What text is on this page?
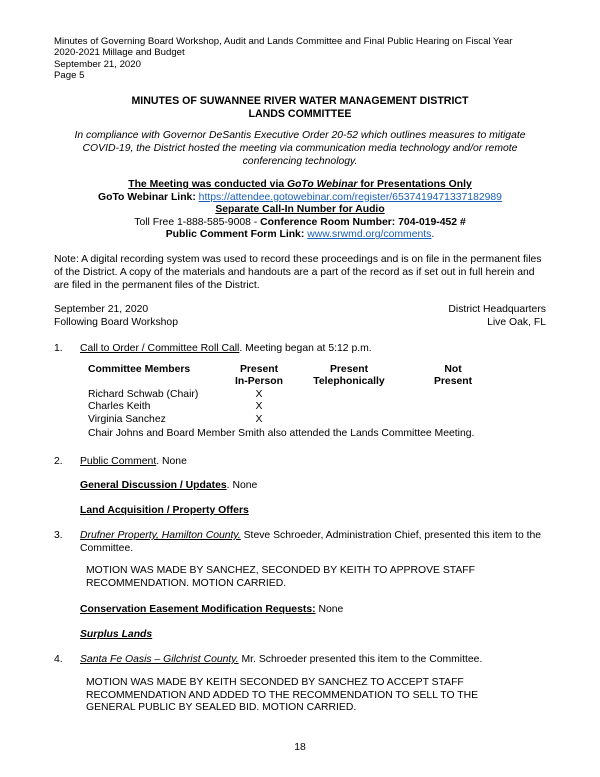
Minutes of Governing Board Workshop, Audit and Lands Committee and Final Public Hearing on Fiscal Year
2020-2021 Millage and Budget
September 21, 2020
Page 5
MINUTES OF SUWANNEE RIVER WATER MANAGEMENT DISTRICT
LANDS COMMITTEE
In compliance with Governor DeSantis Executive Order 20-52 which outlines measures to mitigate COVID-19, the District hosted the meeting via communication media technology and/or remote conferencing technology.
The Meeting was conducted via GoTo Webinar for Presentations Only
GoTo Webinar Link: https://attendee.gotowebinar.com/register/6537419471337182989
Separate Call-In Number for Audio
Toll Free 1-888-585-9008 - Conference Room Number: 704-019-452 #
Public Comment Form Link: www.srwmd.org/comments.
Note: A digital recording system was used to record these proceedings and is on file in the permanent files of the District. A copy of the materials and handouts are a part of the record as if set out in full herein and are filed in the permanent files of the District.
September 21, 2020	District Headquarters
Following Board Workshop	Live Oak, FL
1. Call to Order / Committee Roll Call. Meeting began at 5:12 p.m.
Committee Members	Present	Present	Not
	In-Person	Telephonically	Present
Richard Schwab (Chair)	X		
Charles Keith	X		
Virginia Sanchez	X		
Chair Johns and Board Member Smith also attended the Lands Committee Meeting.
2. Public Comment. None
General Discussion / Updates. None
Land Acquisition / Property Offers
3. Drufner Property, Hamilton County. Steve Schroeder, Administration Chief, presented this item to the Committee.
MOTION WAS MADE BY SANCHEZ, SECONDED BY KEITH TO APPROVE STAFF RECOMMENDATION. MOTION CARRIED.
Conservation Easement Modification Requests: None
Surplus Lands
4. Santa Fe Oasis – Gilchrist County. Mr. Schroeder presented this item to the Committee.
MOTION WAS MADE BY KEITH SECONDED BY SANCHEZ TO ACCEPT STAFF RECOMMENDATION AND ADDED TO THE RECOMMENDATION TO SELL TO THE GENERAL PUBLIC BY SEALED BID. MOTION CARRIED.
18
